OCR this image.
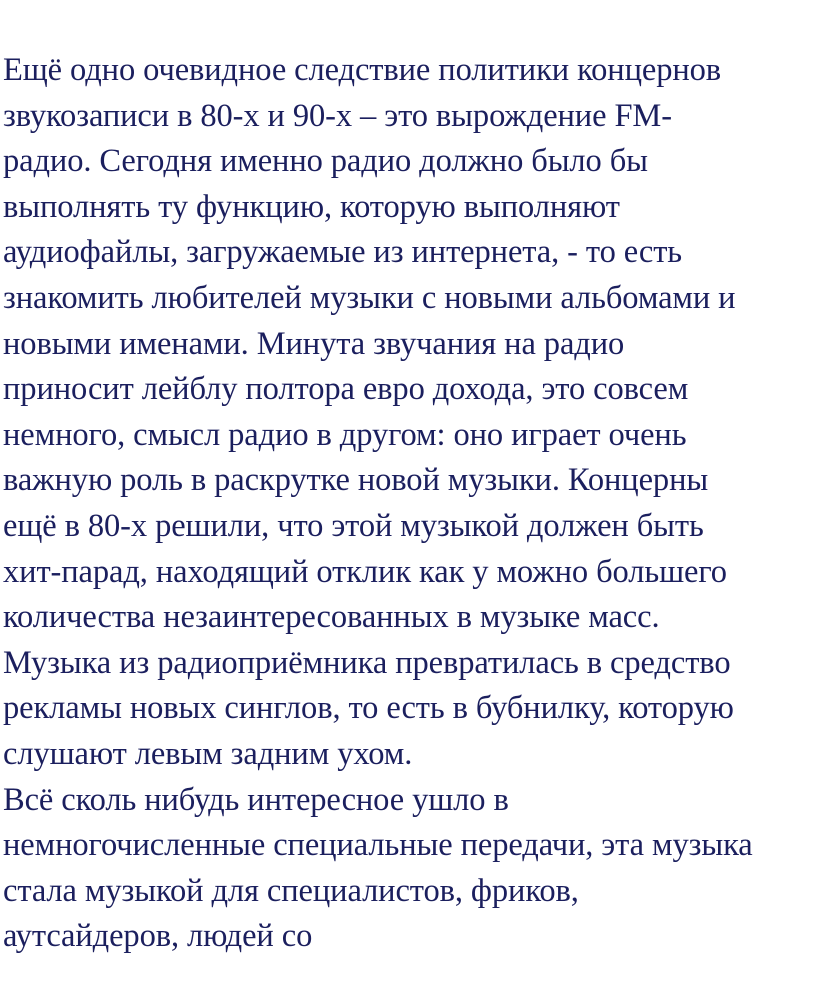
Ещё одно очевидное следствие политики концернов
звукозаписи в 80-х и 90-х – это вырождение FM-
радио. Сегодня именно радио должно было бы
выполнять ту функцию, которую выполняют
аудиофайлы, загружаемые из интернета, - то есть
знакомить любителей музыки с новыми альбомами и
новыми именами. Минута звучания на радио
приносит лейблу полтора евро дохода, это совсем
немного, смысл радио в другом: оно играет очень
важную роль в раскрутке новой музыки. Концерны
ещё в 80-х решили, что этой музыкой должен быть
хит-парад, находящий отклик как у можно большего
количества незаинтересованных в музыке масс.
Музыка из радиоприёмника превратилась в средство
рекламы новых синглов, то есть в бубнилку, которую
слушают левым задним ухом.
Всё сколь нибудь интересное ушло в
немногочисленные специальные передачи, эта музыка
стала музыкой для специалистов, фриков,
аутсайдеров, людей со
